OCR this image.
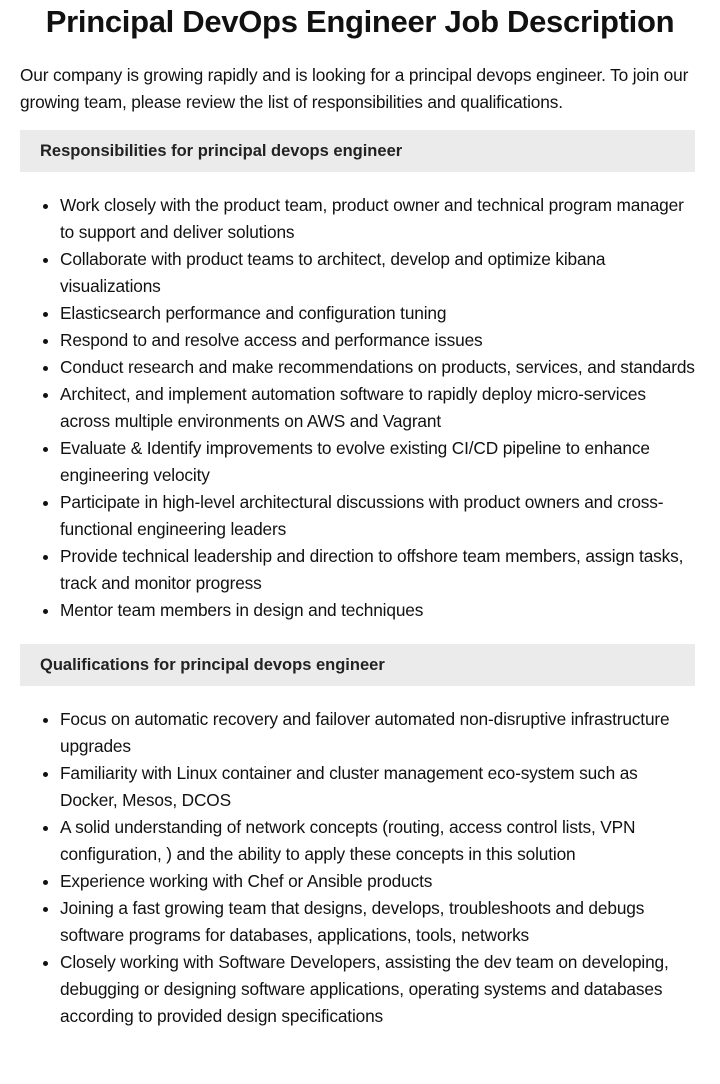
Principal DevOps Engineer Job Description

Our company is growing rapidly and is looking for a principal devops engineer. To join our growing team, please review the list of responsibilities and qualifications.

Responsibilities for principal devops engineer
• Work closely with the product team, product owner and technical program manager to support and deliver solutions
• Collaborate with product teams to architect, develop and optimize kibana visualizations
• Elasticsearch performance and configuration tuning
• Respond to and resolve access and performance issues
• Conduct research and make recommendations on products, services, and standards
• Architect, and implement automation software to rapidly deploy micro-services across multiple environments on AWS and Vagrant
• Evaluate & Identify improvements to evolve existing CI/CD pipeline to enhance engineering velocity
• Participate in high-level architectural discussions with product owners and cross-functional engineering leaders
• Provide technical leadership and direction to offshore team members, assign tasks, track and monitor progress
• Mentor team members in design and techniques
Qualifications for principal devops engineer
• Focus on automatic recovery and failover automated non-disruptive infrastructure upgrades
• Familiarity with Linux container and cluster management eco-system such as Docker, Mesos, DCOS
• A solid understanding of network concepts (routing, access control lists, VPN configuration, ) and the ability to apply these concepts in this solution
• Experience working with Chef or Ansible products
• Joining a fast growing team that designs, develops, troubleshoots and debugs software programs for databases, applications, tools, networks
• Closely working with Software Developers, assisting the dev team on developing, debugging or designing software applications, operating systems and databases according to provided design specifications
